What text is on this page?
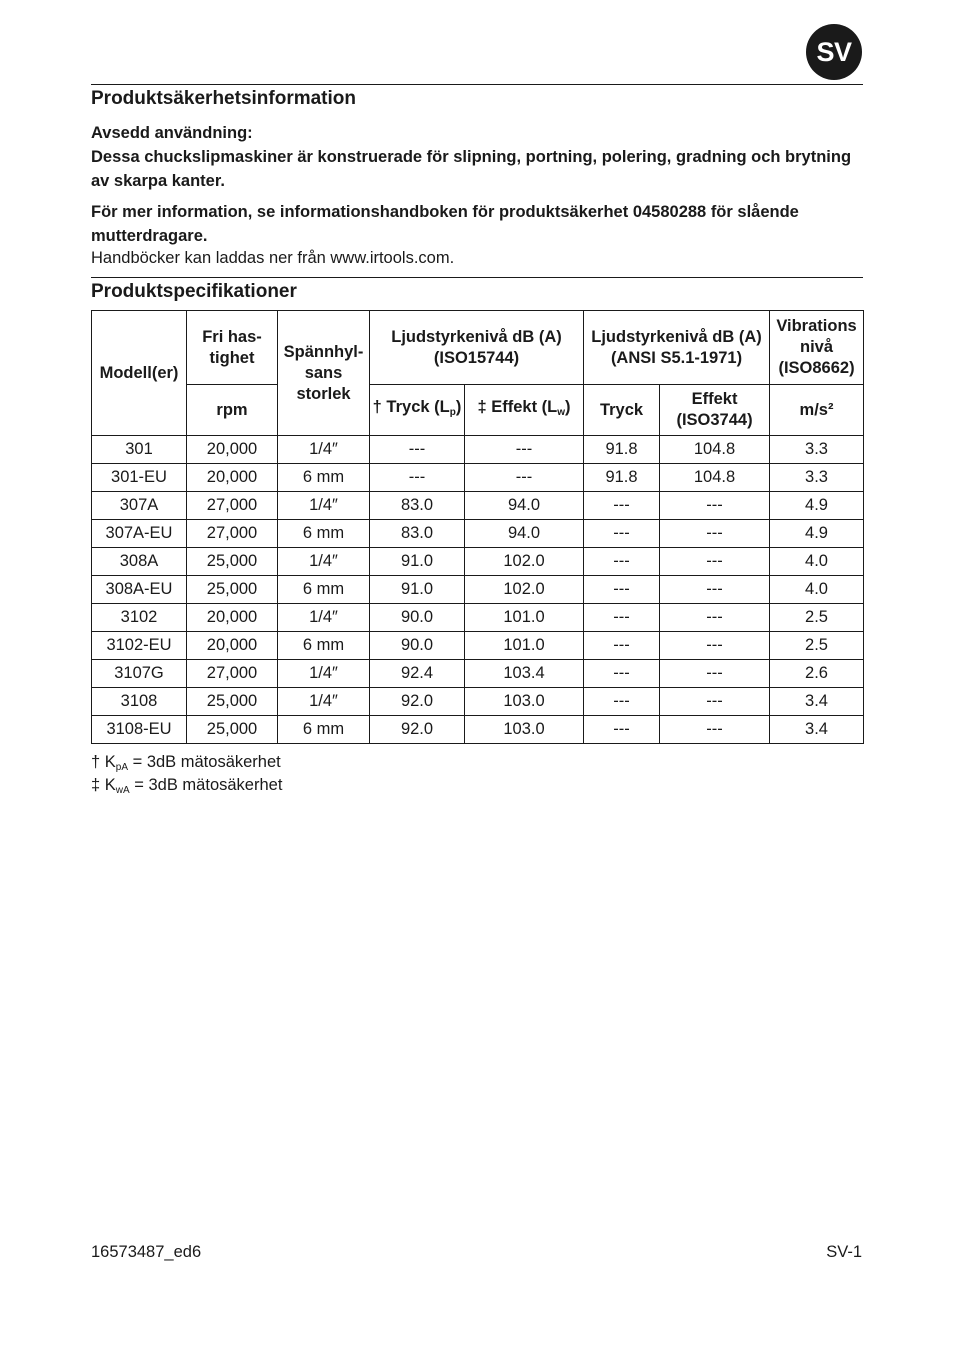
SV
Produktsäkerhetsinformation
Avsedd användning:
Dessa chuckslipmaskiner är konstruerade för slipning, portning, polering, gradning och brytning av skarpa kanter.
För mer information, se informationshandboken för produktsäkerhet 04580288 för slående mutterdragare.
Handböcker kan laddas ner från www.irtools.com.
Produktspecifikationer
Modell(er)	Fri has-tighet	Spännhyl-sans storlek	Ljudstyrkenivå dB (A) (ISO15744)		Ljudstyrkenivå dB (A) (ANSI S5.1-1971)		Vibrations nivå (ISO8662)
	rpm		† Tryck $(L_p)$	‡ Effekt $(L_w)$	Tryck	Effekt (ISO3744)	m/s²
301	20,000	1/4″	---	---	91.8	104.8	3.3
301-EU	20,000	6 mm	---	---	91.8	104.8	3.3
307A	27,000	1/4″	83.0	94.0	---	---	4.9
307A-EU	27,000	6 mm	83.0	94.0	---	---	4.9
308A	25,000	1/4″	91.0	102.0	---	---	4.0
308A-EU	25,000	6 mm	91.0	102.0	---	---	4.0
3102	20,000	1/4″	90.0	101.0	---	---	2.5
3102-EU	20,000	6 mm	90.0	101.0	---	---	2.5
3107G	27,000	1/4″	92.4	103.4	---	---	2.6
3108	25,000	1/4″	92.0	103.0	---	---	3.4
3108-EU	25,000	6 mm	92.0	103.0	---	---	3.4
† $K_{pA} = 3dB$ mätosäkerhet
‡ $K_{wA} = 3dB$ mätosäkerhet
16573487_ed6	SV-1
